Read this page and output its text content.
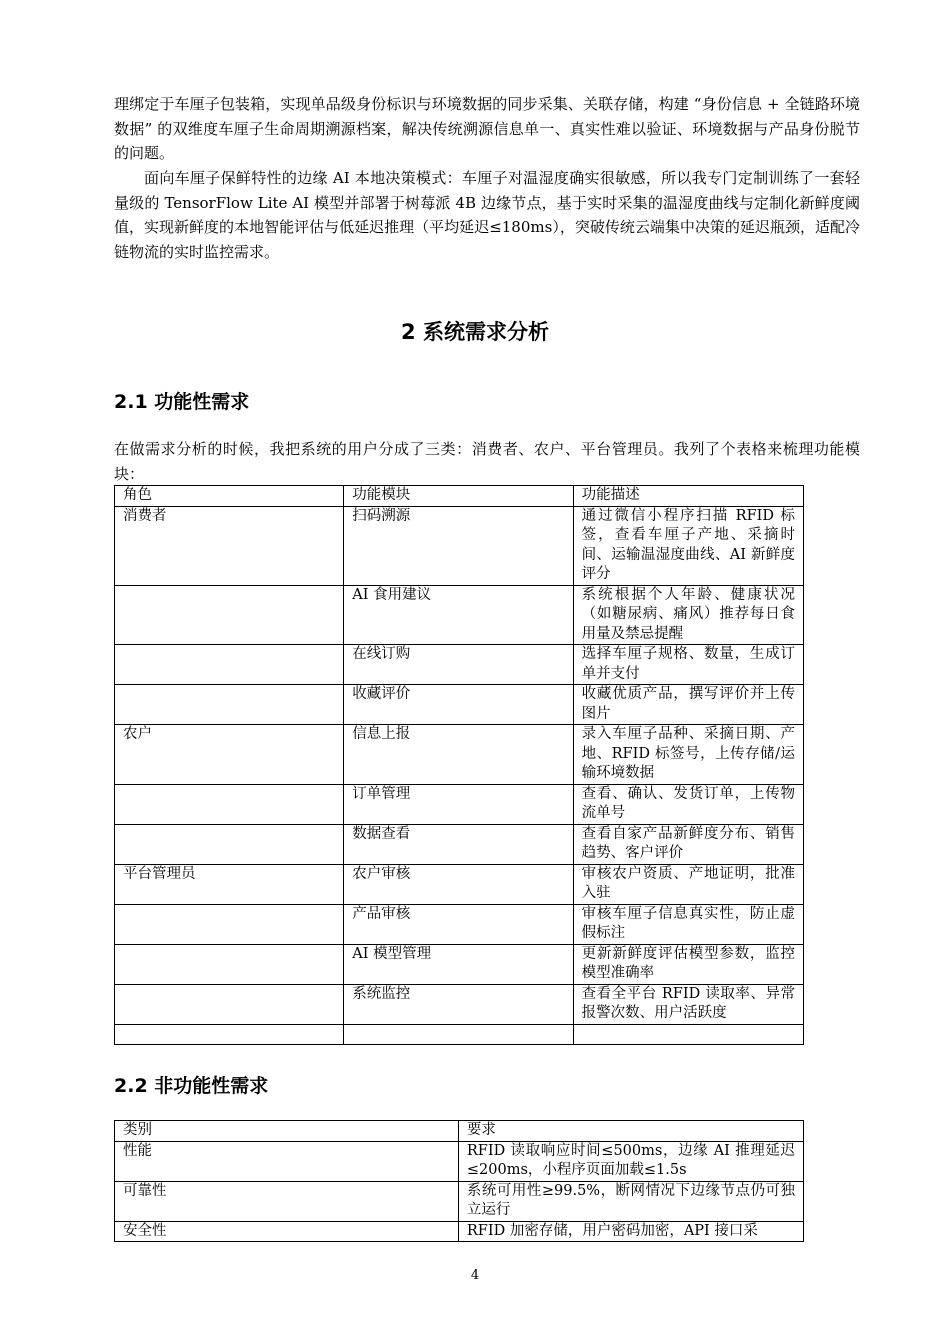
理绑定于车厘子包装箱，实现单品级身份标识与环境数据的同步采集、关联存储，构建 “身份信息 + 全链路环境数据” 的双维度车厘子生命周期溯源档案，解决传统溯源信息单一、真实性难以验证、环境数据与产品身份脱节的问题。

面向车厘子保鲜特性的边缘 AI 本地决策模式：车厘子对温湿度确实很敏感，所以我专门定制训练了一套轻量级的 TensorFlow Lite AI 模型并部署于树莓派 4B 边缘节点，基于实时采集的温湿度曲线与定制化新鲜度阈值，实现新鲜度的本地智能评估与低延迟推理（平均延迟≤180ms），突破传统云端集中决策的延迟瓶颈，适配冷链物流的实时监控需求。

2 系统需求分析
2.1 功能性需求

在做需求分析的时候，我把系统的用户分成了三类：消费者、农户、平台管理员。我列了个表格来梳理功能模块：

角色	功能模块	功能描述
消费者	扫码溯源	通过微信小程序扫描 RFID 标签，查看车厘子产地、采摘时间、运输温湿度曲线、AI 新鲜度评分
	AI 食用建议	系统根据个人年龄、健康状况（如糖尿病、痛风）推荐每日食用量及禁忌提醒
	在线订购	选择车厘子规格、数量，生成订单并支付
	收藏评价	收藏优质产品，撰写评价并上传图片
农户	信息上报	录入车厘子品种、采摘日期、产地、RFID 标签号，上传存储/运输环境数据
	订单管理	查看、确认、发货订单，上传物流单号
	数据查看	查看自家产品新鲜度分布、销售趋势、客户评价
平台管理员	农户审核	审核农户资质、产地证明，批准入驻
	产品审核	审核车厘子信息真实性，防止虚假标注
	AI 模型管理	更新新鲜度评估模型参数，监控模型准确率
	系统监控	查看全平台 RFID 读取率、异常报警次数、用户活跃度

2.2 非功能性需求
类别	要求
性能	RFID 读取响应时间≤500ms，边缘 AI 推理延迟≤200ms，小程序页面加载≤1.5s
可靠性	系统可用性≥99.5%，断网情况下边缘节点仍可独立运行
安全性	RFID 加密存储，用户密码加密，API 接口采
4
